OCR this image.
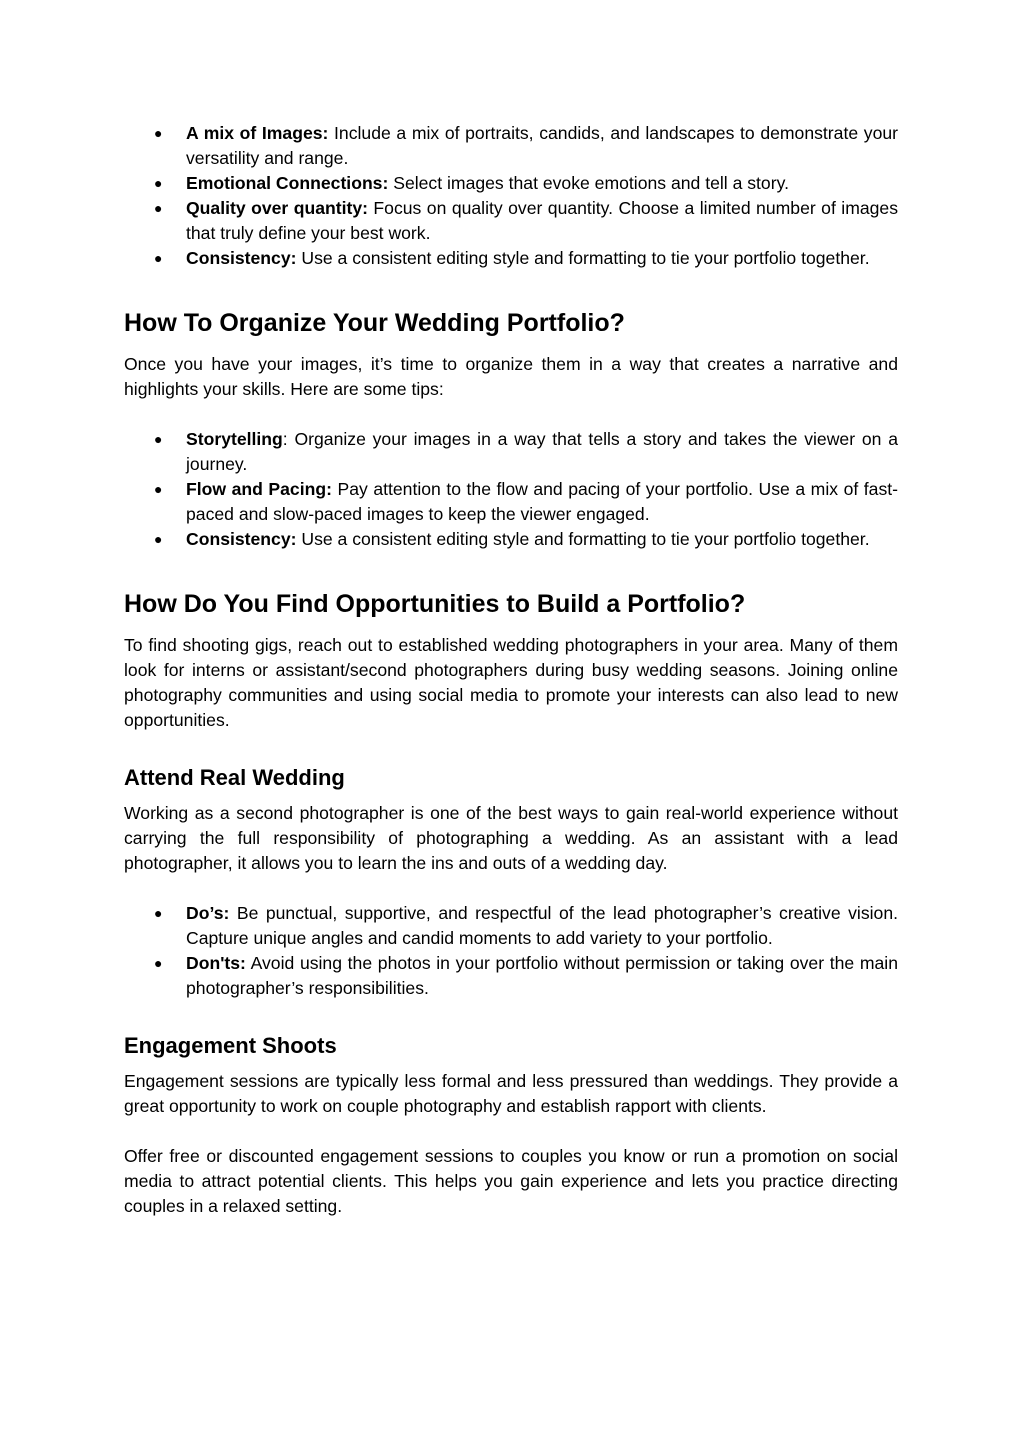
● A mix of Images: Include a mix of portraits, candids, and landscapes to demonstrate your versatility and range.
● Emotional Connections: Select images that evoke emotions and tell a story.
● Quality over quantity: Focus on quality over quantity. Choose a limited number of images that truly define your best work.
● Consistency: Use a consistent editing style and formatting to tie your portfolio together.
How To Organize Your Wedding Portfolio?

Once you have your images, it’s time to organize them in a way that creates a narrative and highlights your skills. Here are some tips:

● Storytelling: Organize your images in a way that tells a story and takes the viewer on a journey.
● Flow and Pacing: Pay attention to the flow and pacing of your portfolio. Use a mix of fast-paced and slow-paced images to keep the viewer engaged.
● Consistency: Use a consistent editing style and formatting to tie your portfolio together.
How Do You Find Opportunities to Build a Portfolio?

To find shooting gigs, reach out to established wedding photographers in your area. Many of them look for interns or assistant/second photographers during busy wedding seasons. Joining online photography communities and using social media to promote your interests can also lead to new opportunities.

Attend Real Wedding

Working as a second photographer is one of the best ways to gain real-world experience without carrying the full responsibility of photographing a wedding. As an assistant with a lead photographer, it allows you to learn the ins and outs of a wedding day.

● Do’s: Be punctual, supportive, and respectful of the lead photographer’s creative vision. Capture unique angles and candid moments to add variety to your portfolio.
● Don'ts: Avoid using the photos in your portfolio without permission or taking over the main photographer’s responsibilities.
Engagement Shoots

Engagement sessions are typically less formal and less pressured than weddings. They provide a great opportunity to work on couple photography and establish rapport with clients.

Offer free or discounted engagement sessions to couples you know or run a promotion on social media to attract potential clients. This helps you gain experience and lets you practice directing couples in a relaxed setting.
